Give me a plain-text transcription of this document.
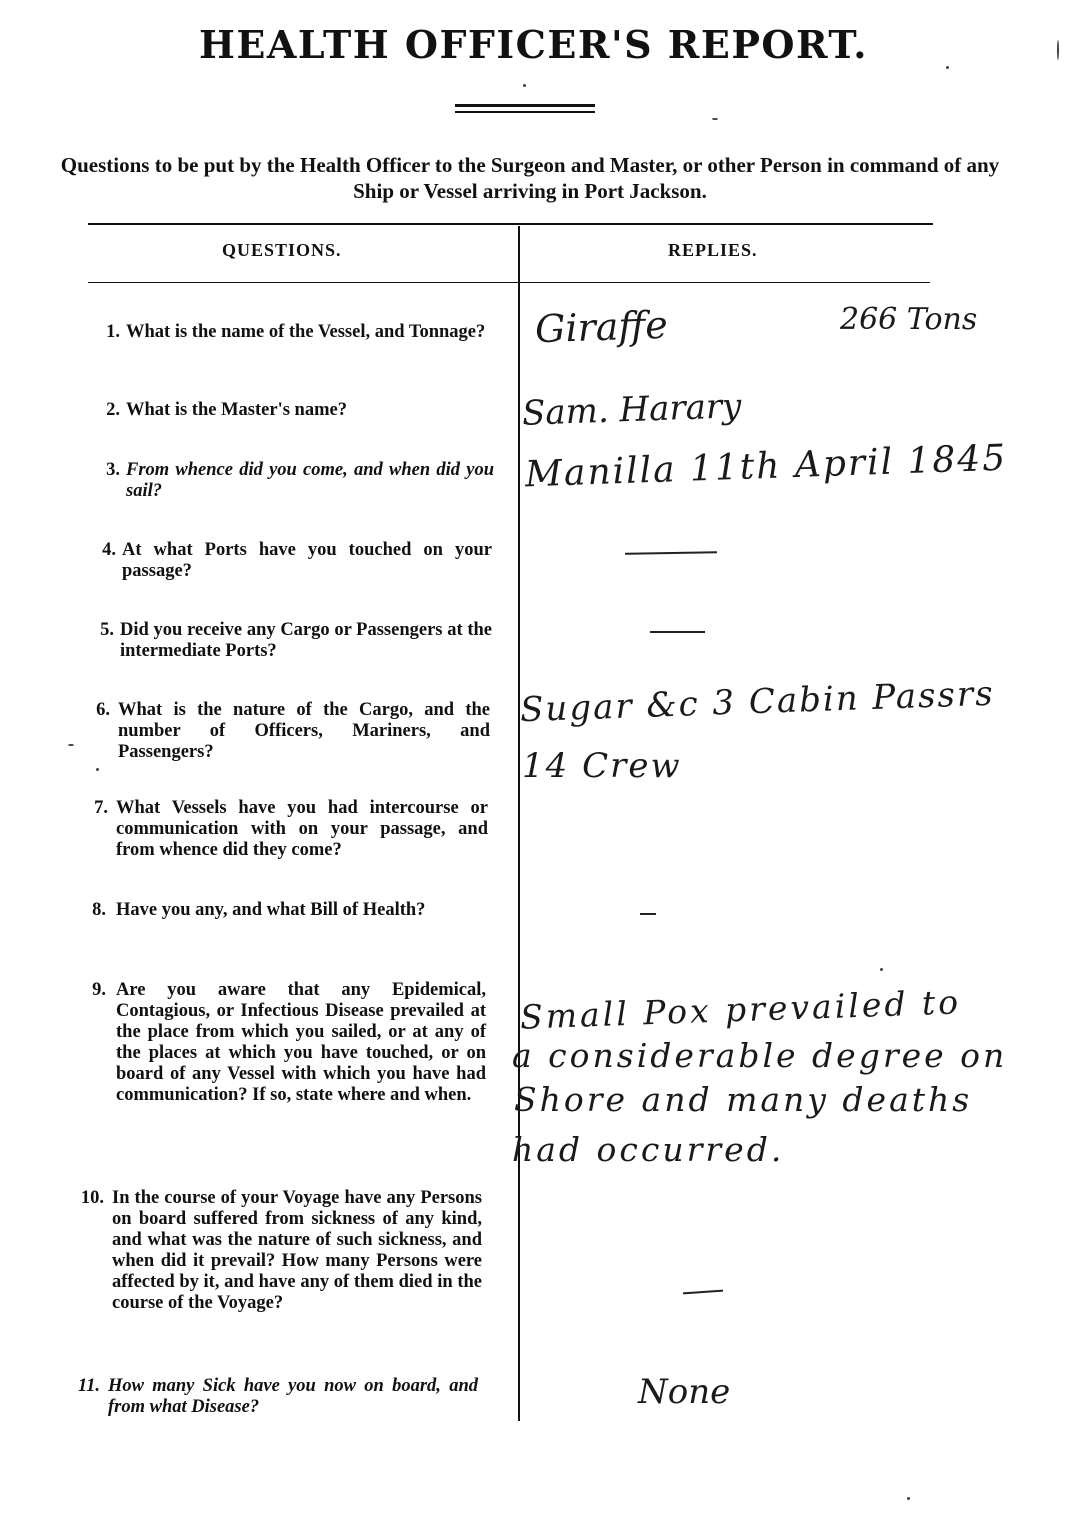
HEALTH OFFICER'S REPORT.
Questions to be put by the Health Officer to the Surgeon and Master, or other Person in command of any Ship or Vessel arriving in Port Jackson.
QUESTIONS.	REPLIES.
1. What is the name of the Vessel, and Tonnage?
2. What is the Master's name?
3. From whence did you come, and when did you sail?
4. At what Ports have you touched on your passage?
5. Did you receive any Cargo or Passengers at the intermediate Ports?
6. What is the nature of the Cargo, and the number of Officers, Mariners, and Passengers?
7. What Vessels have you had intercourse or communication with on your passage, and from whence did they come?
8. Have you any, and what Bill of Health?
9. Are you aware that any Epidemical, Contagious, or Infectious Disease prevailed at the place from which you sailed, or at any of the places at which you have touched, or on board of any Vessel with which you have had communication? If so, state where and when.
10. In the course of your Voyage have any Persons on board suffered from sickness of any kind, and what was the nature of such sickness, and when did it prevail? How many Persons were affected by it, and have any of them died in the course of the Voyage?
11. How many Sick have you now on board, and from what Disease?
Giraffe	266 Tons
Sam. Harary
Manilla 11th April 1845
Sugar &c 3 Cabin Passrs
14 Crew
Small Pox prevailed to
a considerable degree on
Shore and many deaths
had occurred.
None
